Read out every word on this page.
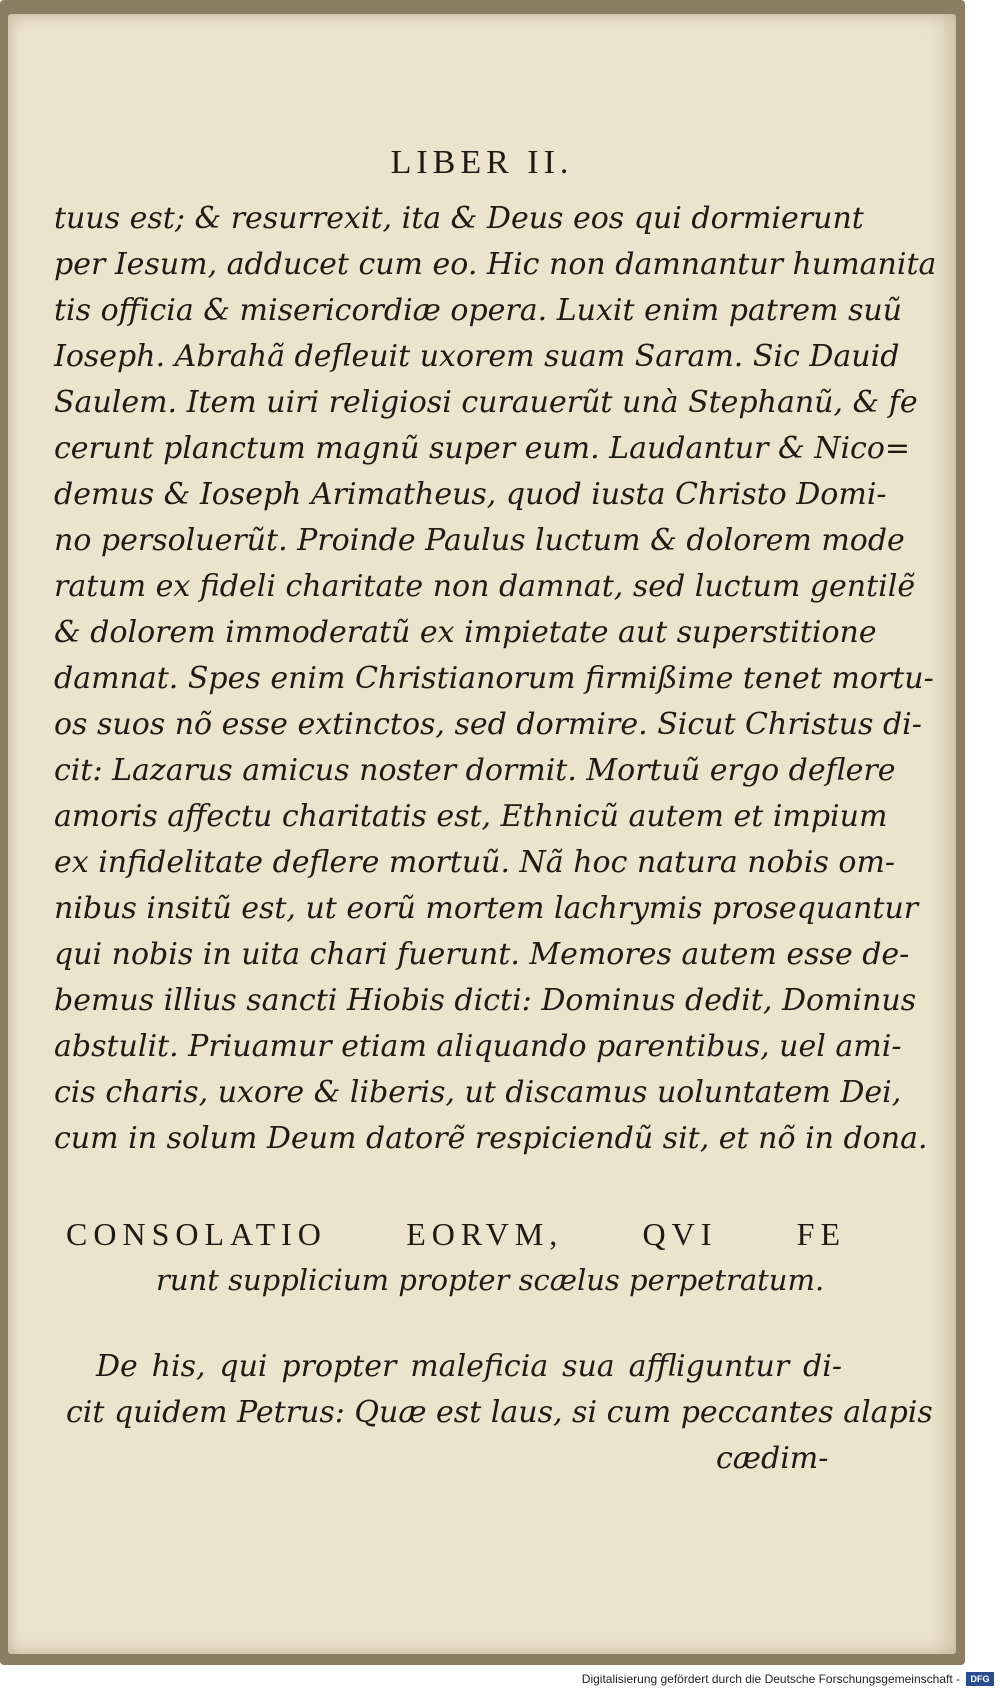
LIBER II.
tuus est; & resurrexit, ita & Deus eos qui dormierunt
per Iesum, adducet cum eo. Hic non damnantur humanita
tis officia & misericordiæ opera. Luxit enim patrem suũ
Ioseph. Abrahã defleuit uxorem suam Saram. Sic Dauid
Saulem. Item uiri religiosi curauerũt unà Stephanũ, & fe
cerunt planctum magnũ super eum. Laudantur & Nico=
demus & Ioseph Arimatheus, quod iusta Christo Domi-
no persoluerũt. Proinde Paulus luctum & dolorem mode
ratum ex fideli charitate non damnat, sed luctum gentilẽ
& dolorem immoderatũ ex impietate aut superstitione
damnat. Spes enim Christianorum firmißime tenet mortu-
os suos nõ esse extinctos, sed dormire. Sicut Christus di-
cit: Lazarus amicus noster dormit. Mortuũ ergo deflere
amoris affectu charitatis est, Ethnicũ autem et impium
ex infidelitate deflere mortuũ. Nã hoc natura nobis om-
nibus insitũ est, ut eorũ mortem lachrymis prosequantur
qui nobis in uita chari fuerunt. Memores autem esse de-
bemus illius sancti Hiobis dicti: Dominus dedit, Dominus
abstulit. Priuamur etiam aliquando parentibus, uel ami-
cis charis, uxore & liberis, ut discamus uoluntatem Dei,
cum in solum Deum datorẽ respiciendũ sit, et nõ in dona.
CONSOLATIO EORVM, QVI FE
runt supplicium propter scælus perpetratum.
De his, qui propter maleficia sua affliguntur di-
cit quidem Petrus: Quæ est laus, si cum peccantes alapis
cædim-
Digitalisierung gefördert durch die Deutsche Forschungsgemeinschaft -	DFG
